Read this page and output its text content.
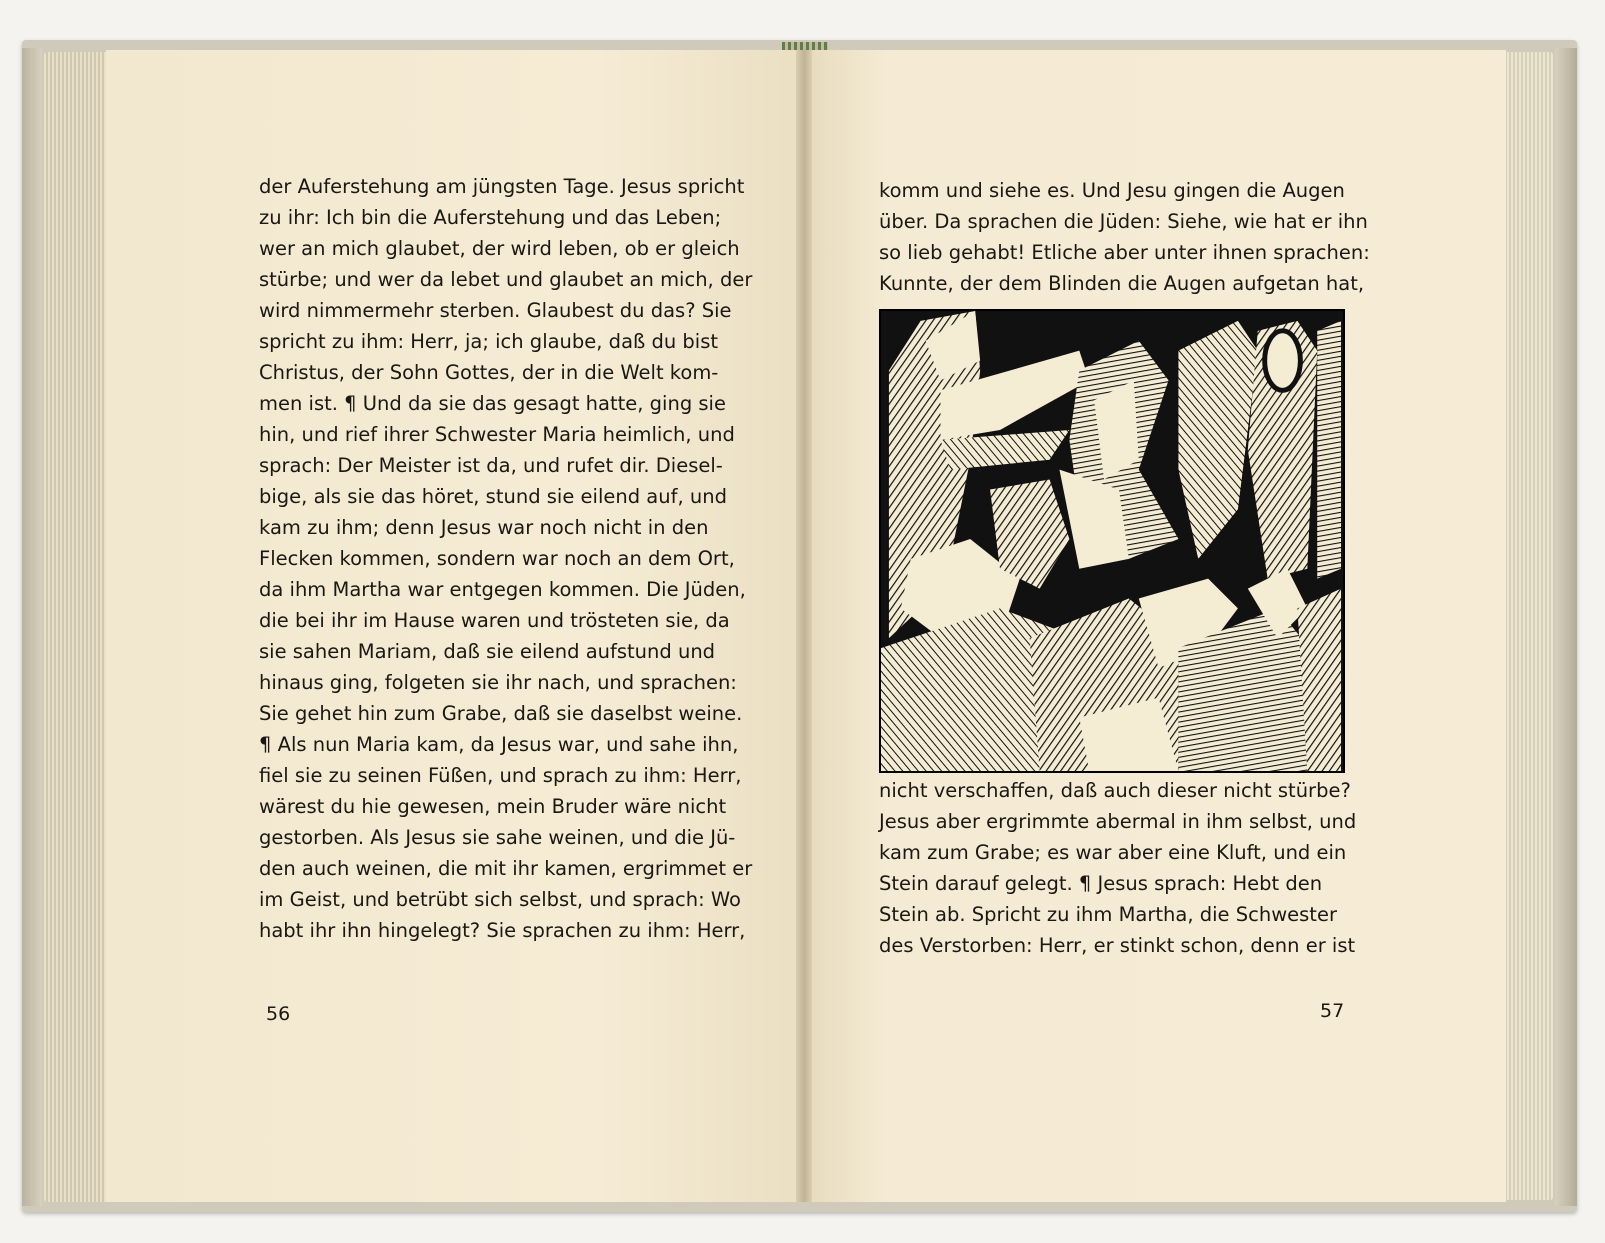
der Auferstehung am jüngsten Tage. Jesus spricht
zu ihr: Ich bin die Auferstehung und das Leben;
wer an mich glaubet, der wird leben, ob er gleich
stürbe; und wer da lebet und glaubet an mich, der
wird nimmermehr sterben. Glaubest du das? Sie
spricht zu ihm: Herr, ja; ich glaube, daß du bist
Christus, der Sohn Gottes, der in die Welt kom-
men ist. ¶ Und da sie das gesagt hatte, ging sie
hin, und rief ihrer Schwester Maria heimlich, und
sprach: Der Meister ist da, und rufet dir. Diesel-
bige, als sie das höret, stund sie eilend auf, und
kam zu ihm; denn Jesus war noch nicht in den
Flecken kommen, sondern war noch an dem Ort,
da ihm Martha war entgegen kommen. Die Jüden,
die bei ihr im Hause waren und trösteten sie, da
sie sahen Mariam, daß sie eilend aufstund und
hinaus ging, folgeten sie ihr nach, und sprachen:
Sie gehet hin zum Grabe, daß sie daselbst weine.
¶ Als nun Maria kam, da Jesus war, und sahe ihn,
fiel sie zu seinen Füßen, und sprach zu ihm: Herr,
wärest du hie gewesen, mein Bruder wäre nicht
gestorben. Als Jesus sie sahe weinen, und die Jü-
den auch weinen, die mit ihr kamen, ergrimmet er
im Geist, und betrübt sich selbst, und sprach: Wo
habt ihr ihn hingelegt? Sie sprachen zu ihm: Herr,
56
komm und siehe es. Und Jesu gingen die Augen
über. Da sprachen die Jüden: Siehe, wie hat er ihn
so lieb gehabt! Etliche aber unter ihnen sprachen:
Kunnte, der dem Blinden die Augen aufgetan hat,
nicht verschaffen, daß auch dieser nicht stürbe?
Jesus aber ergrimmte abermal in ihm selbst, und
kam zum Grabe; es war aber eine Kluft, und ein
Stein darauf gelegt. ¶ Jesus sprach: Hebt den
Stein ab. Spricht zu ihm Martha, die Schwester
des Verstorben: Herr, er stinkt schon, denn er ist
57
